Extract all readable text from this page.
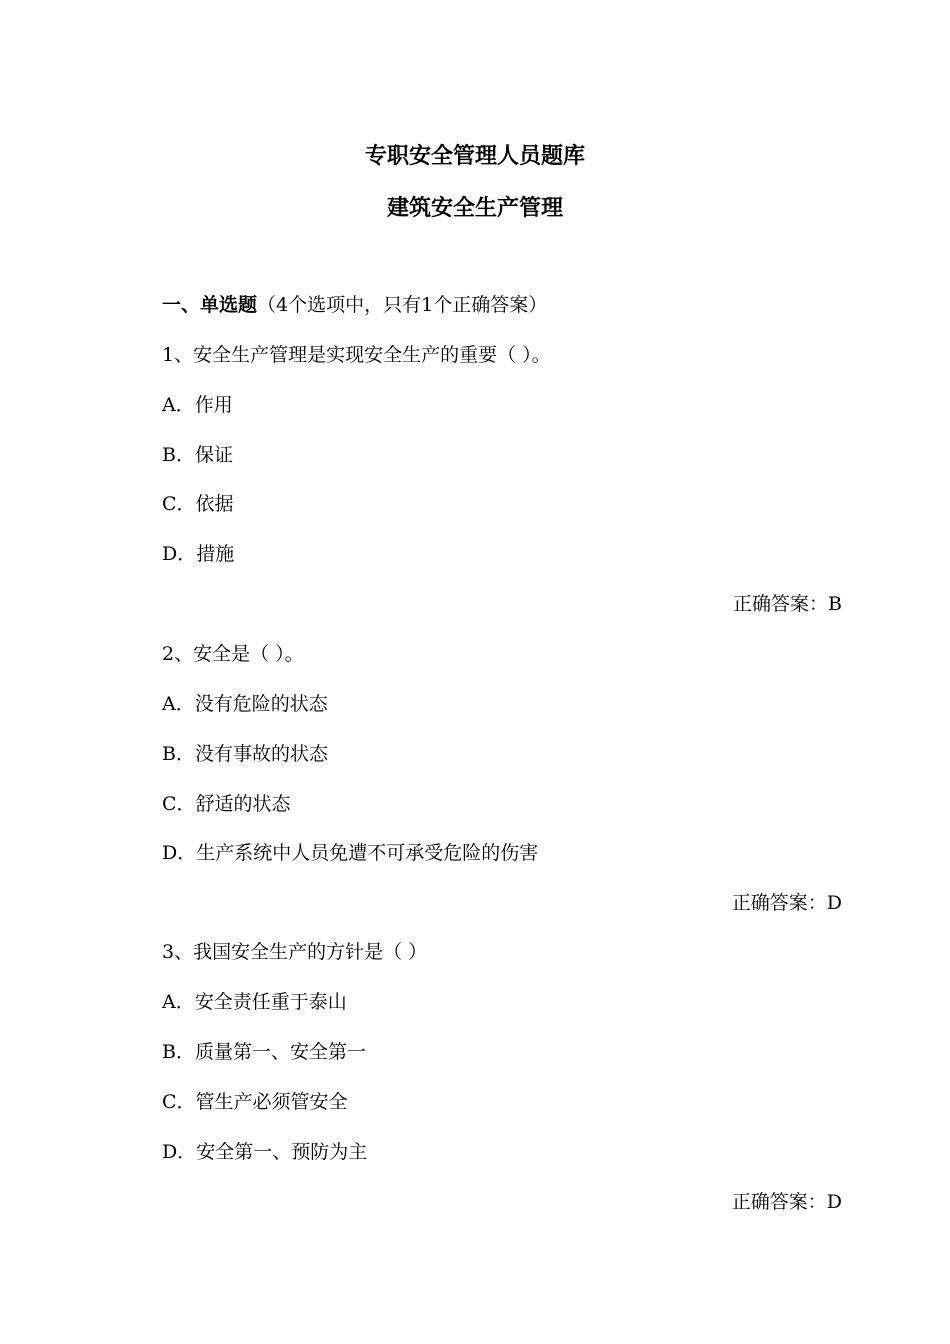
专职安全管理人员题库
建筑安全生产管理
一、单选题（4个选项中，只有1个正确答案）
1、安全生产管理是实现安全生产的重要（ ）。
A．作用
B．保证
C．依据
D．措施
正确答案：B
2、安全是（ ）。
A．没有危险的状态
B．没有事故的状态
C．舒适的状态
D．生产系统中人员免遭不可承受危险的伤害
正确答案：D
3、我国安全生产的方针是（ ）
A．安全责任重于泰山
B．质量第一、安全第一
C．管生产必须管安全
D．安全第一、预防为主
正确答案：D
